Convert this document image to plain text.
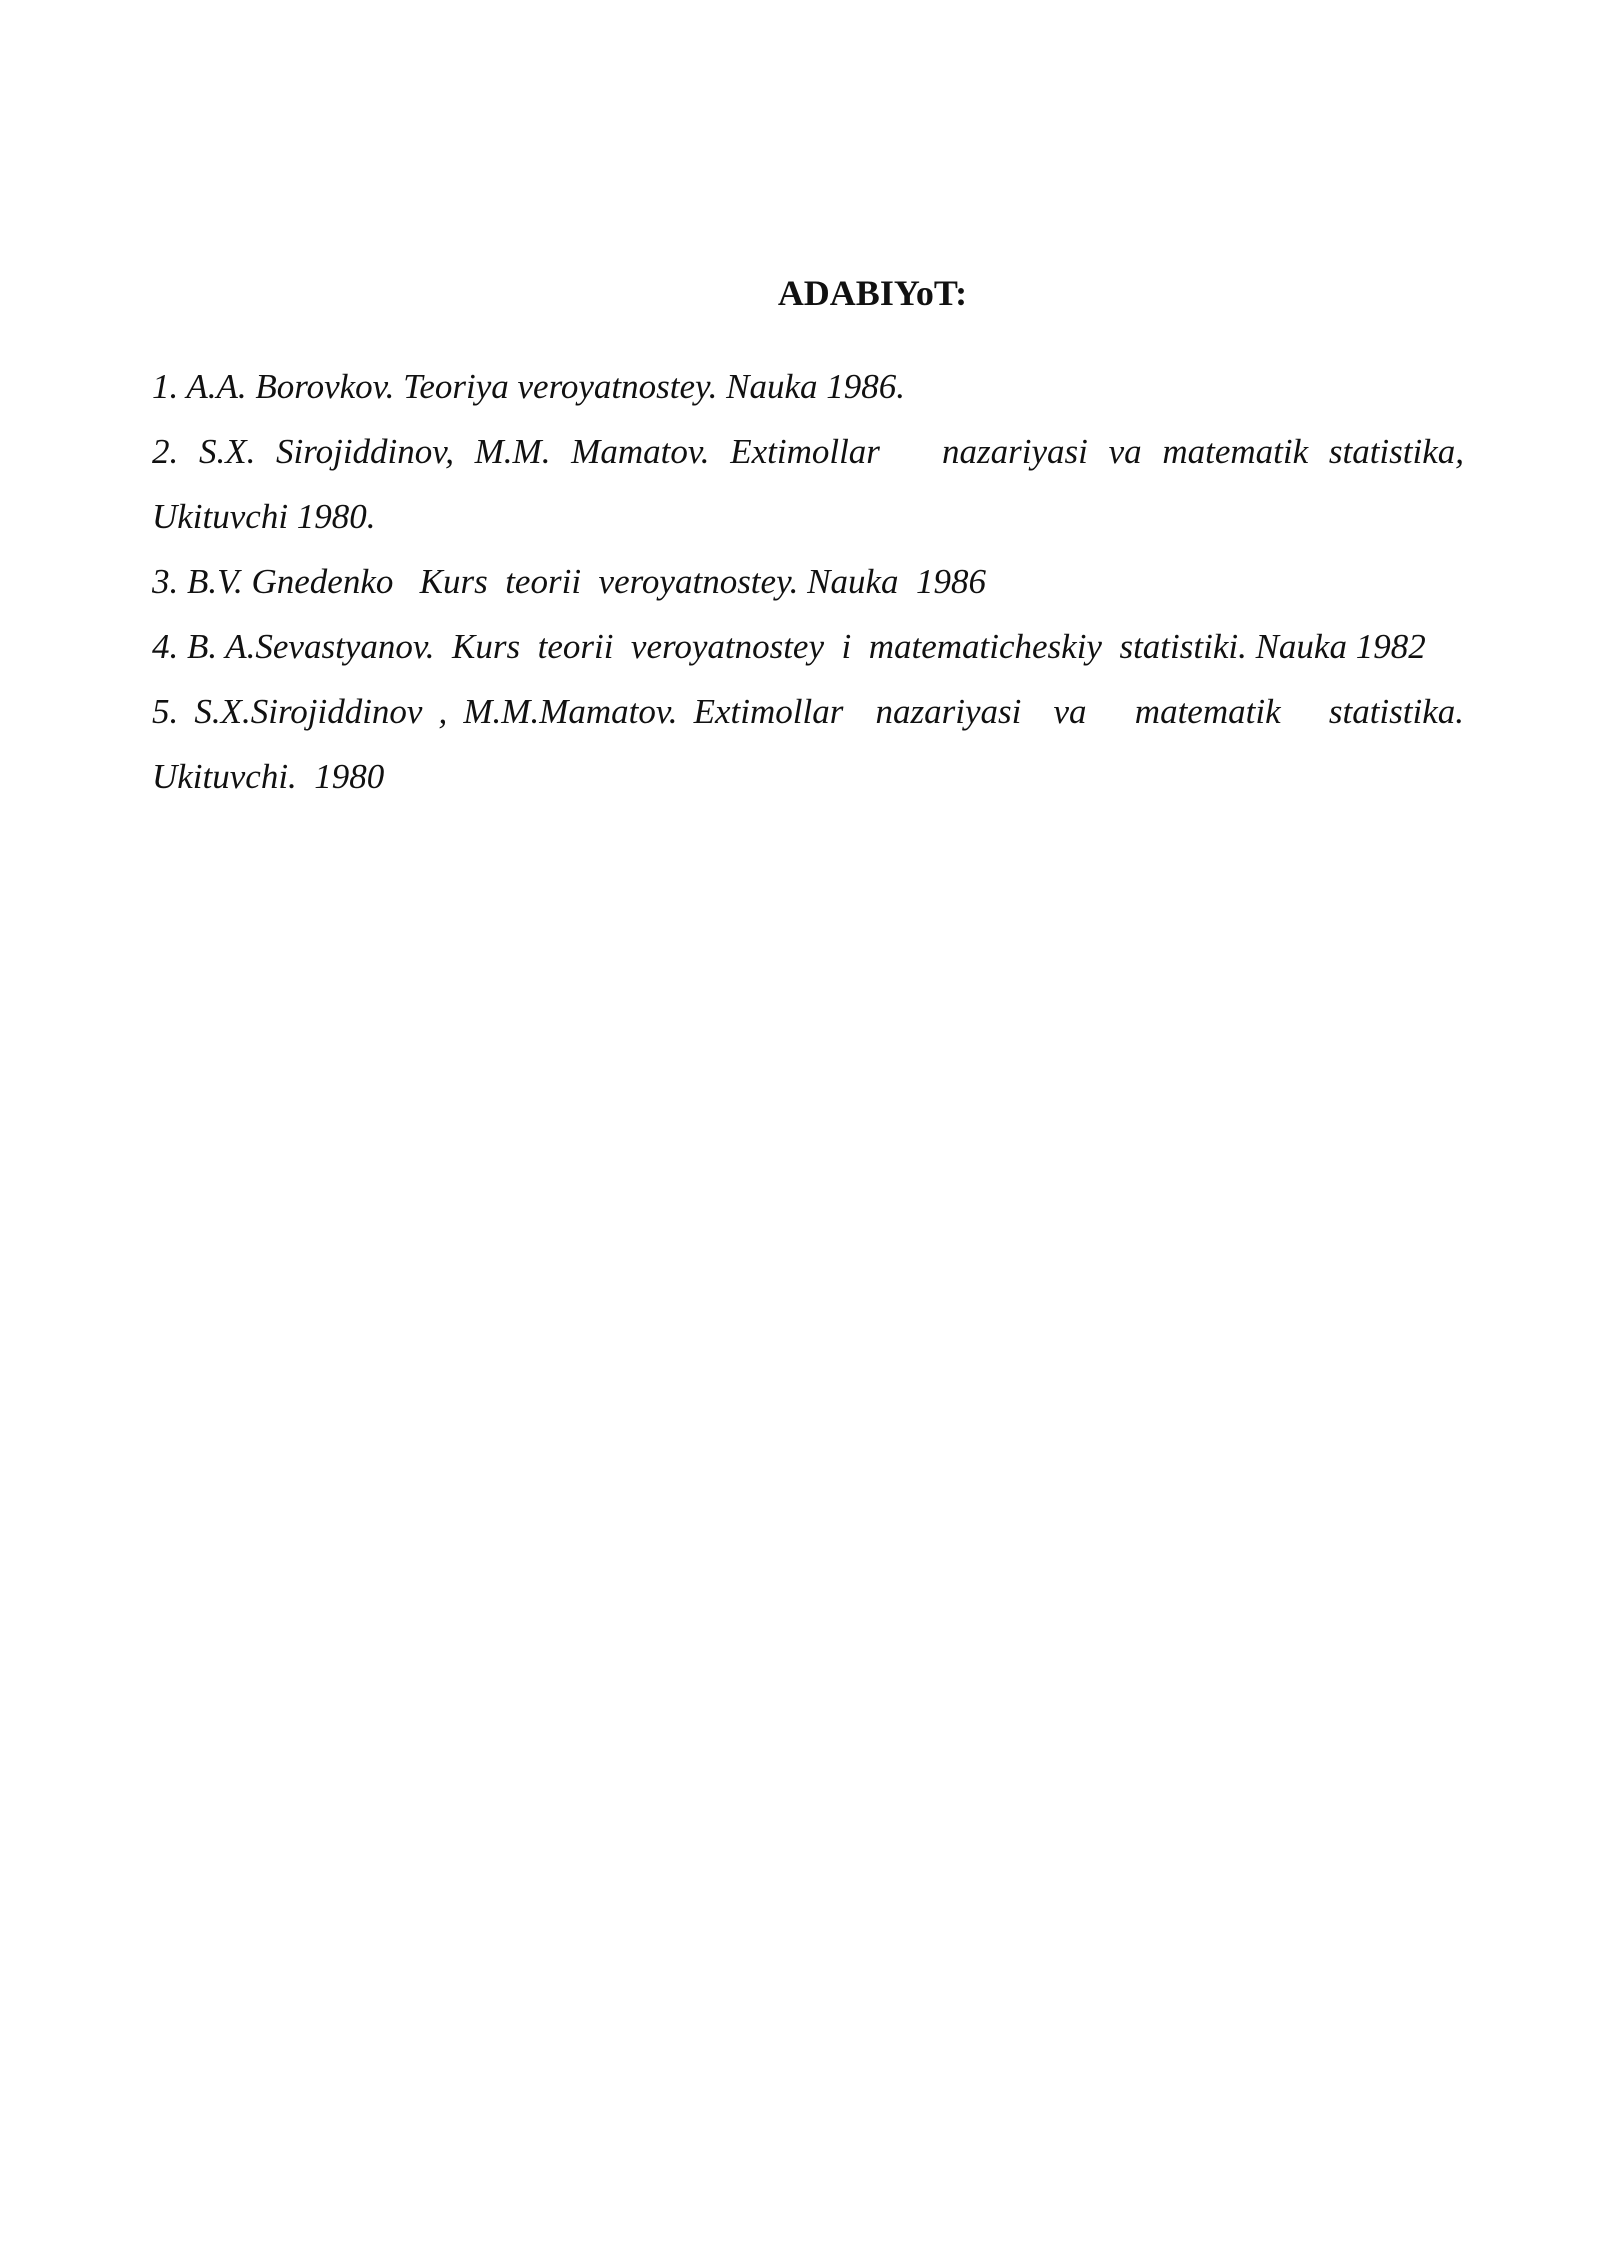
ADABIYoT:
1. A.A. Borovkov. Teoriya veroyatnostey. Nauka 1986.
2. S.X. Sirojiddinov, M.M. Mamatov. Extimollar   nazariyasi va matematik statistika, Ukituvchi 1980.
3. B.V. Gnedenko   Kurs  teorii  veroyatnostey. Nauka  1986
4. B. A.Sevastyanov.  Kurs  teorii  veroyatnostey  i  matematicheskiy  statistiki. Nauka 1982
5. S.X.Sirojiddinov , M.M.Mamatov. Extimollar  nazariyasi  va   matematik   statistika. Ukituvchi.  1980
